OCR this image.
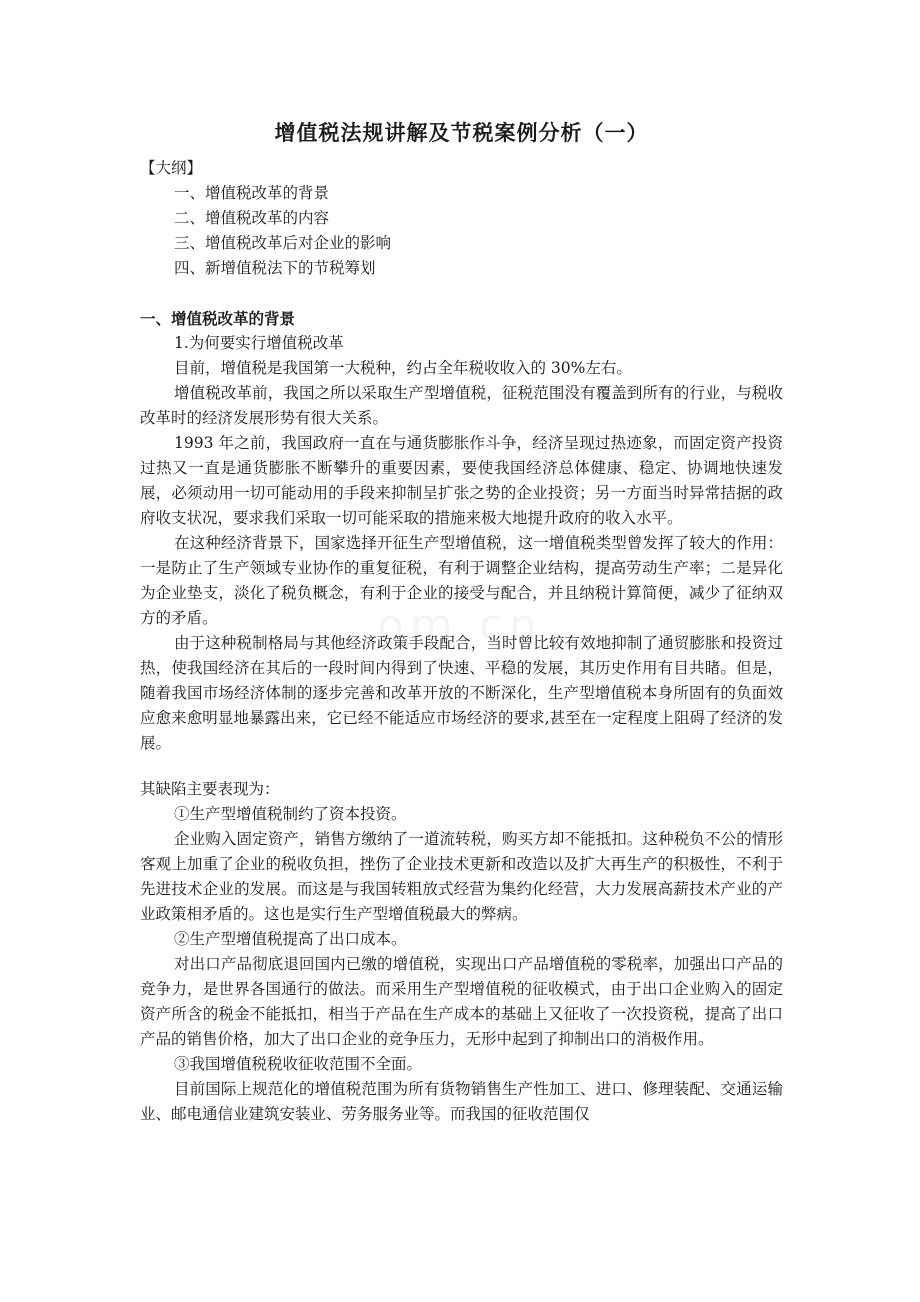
增值税法规讲解及节税案例分析（一）

【大纲】

一、增值税改革的背景

二、增值税改革的内容

三、增值税改革后对企业的影响

四、新增值税法下的节税筹划

一、增值税改革的背景

1.为何要实行增值税改革

目前，增值税是我国第一大税种，约占全年税收收入的 30%左右。

增值税改革前，我国之所以采取生产型增值税，征税范围没有覆盖到所有的行业，与税收改革时的经济发展形势有很大关系。

1993 年之前，我国政府一直在与通货膨胀作斗争，经济呈现过热迹象，而固定资产投资过热又一直是通货膨胀不断攀升的重要因素，要使我国经济总体健康、稳定、协调地快速发展，必须动用一切可能动用的手段来抑制呈扩张之势的企业投资；另一方面当时异常拮据的政府收支状况，要求我们采取一切可能采取的措施来极大地提升政府的收入水平。

在这种经济背景下，国家选择开征生产型增值税，这一增值税类型曾发挥了较大的作用：一是防止了生产领域专业协作的重复征税，有利于调整企业结构，提高劳动生产率；二是异化为企业垫支，淡化了税负概念，有利于企业的接受与配合，并且纳税计算简便，减少了征纳双方的矛盾。

由于这种税制格局与其他经济政策手段配合，当时曾比较有效地抑制了通贸膨胀和投资过热，使我国经济在其后的一段时间内得到了快速、平稳的发展，其历史作用有目共睹。但是，随着我国市场经济体制的逐步完善和改革开放的不断深化，生产型增值税本身所固有的负面效应愈来愈明显地暴露出来，它已经不能适应市场经济的要求,甚至在一定程度上阻碍了经济的发展。

其缺陷主要表现为：

①生产型增值税制约了资本投资。

企业购入固定资产，销售方缴纳了一道流转税，购买方却不能抵扣。这种税负不公的情形客观上加重了企业的税收负担，挫伤了企业技术更新和改造以及扩大再生产的积极性，不利于先进技术企业的发展。而这是与我国转粗放式经营为集约化经营，大力发展高薪技术产业的产业政策相矛盾的。这也是实行生产型增值税最大的弊病。

②生产型增值税提高了出口成本。

对出口产品彻底退回国内已缴的增值税，实现出口产品增值税的零税率，加强出口产品的竞争力，是世界各国通行的做法。而采用生产型增值税的征收模式，由于出口企业购入的固定资产所含的税金不能抵扣，相当于产品在生产成本的基础上又征收了一次投资税，提高了出口产品的销售价格，加大了出口企业的竞争压力，无形中起到了抑制出口的消极作用。

③我国增值税税收征收范围不全面。

目前国际上规范化的增值税范围为所有货物销售生产性加工、进口、修理装配、交通运输业、邮电通信业建筑安装业、劳务服务业等。而我国的征收范围仅
